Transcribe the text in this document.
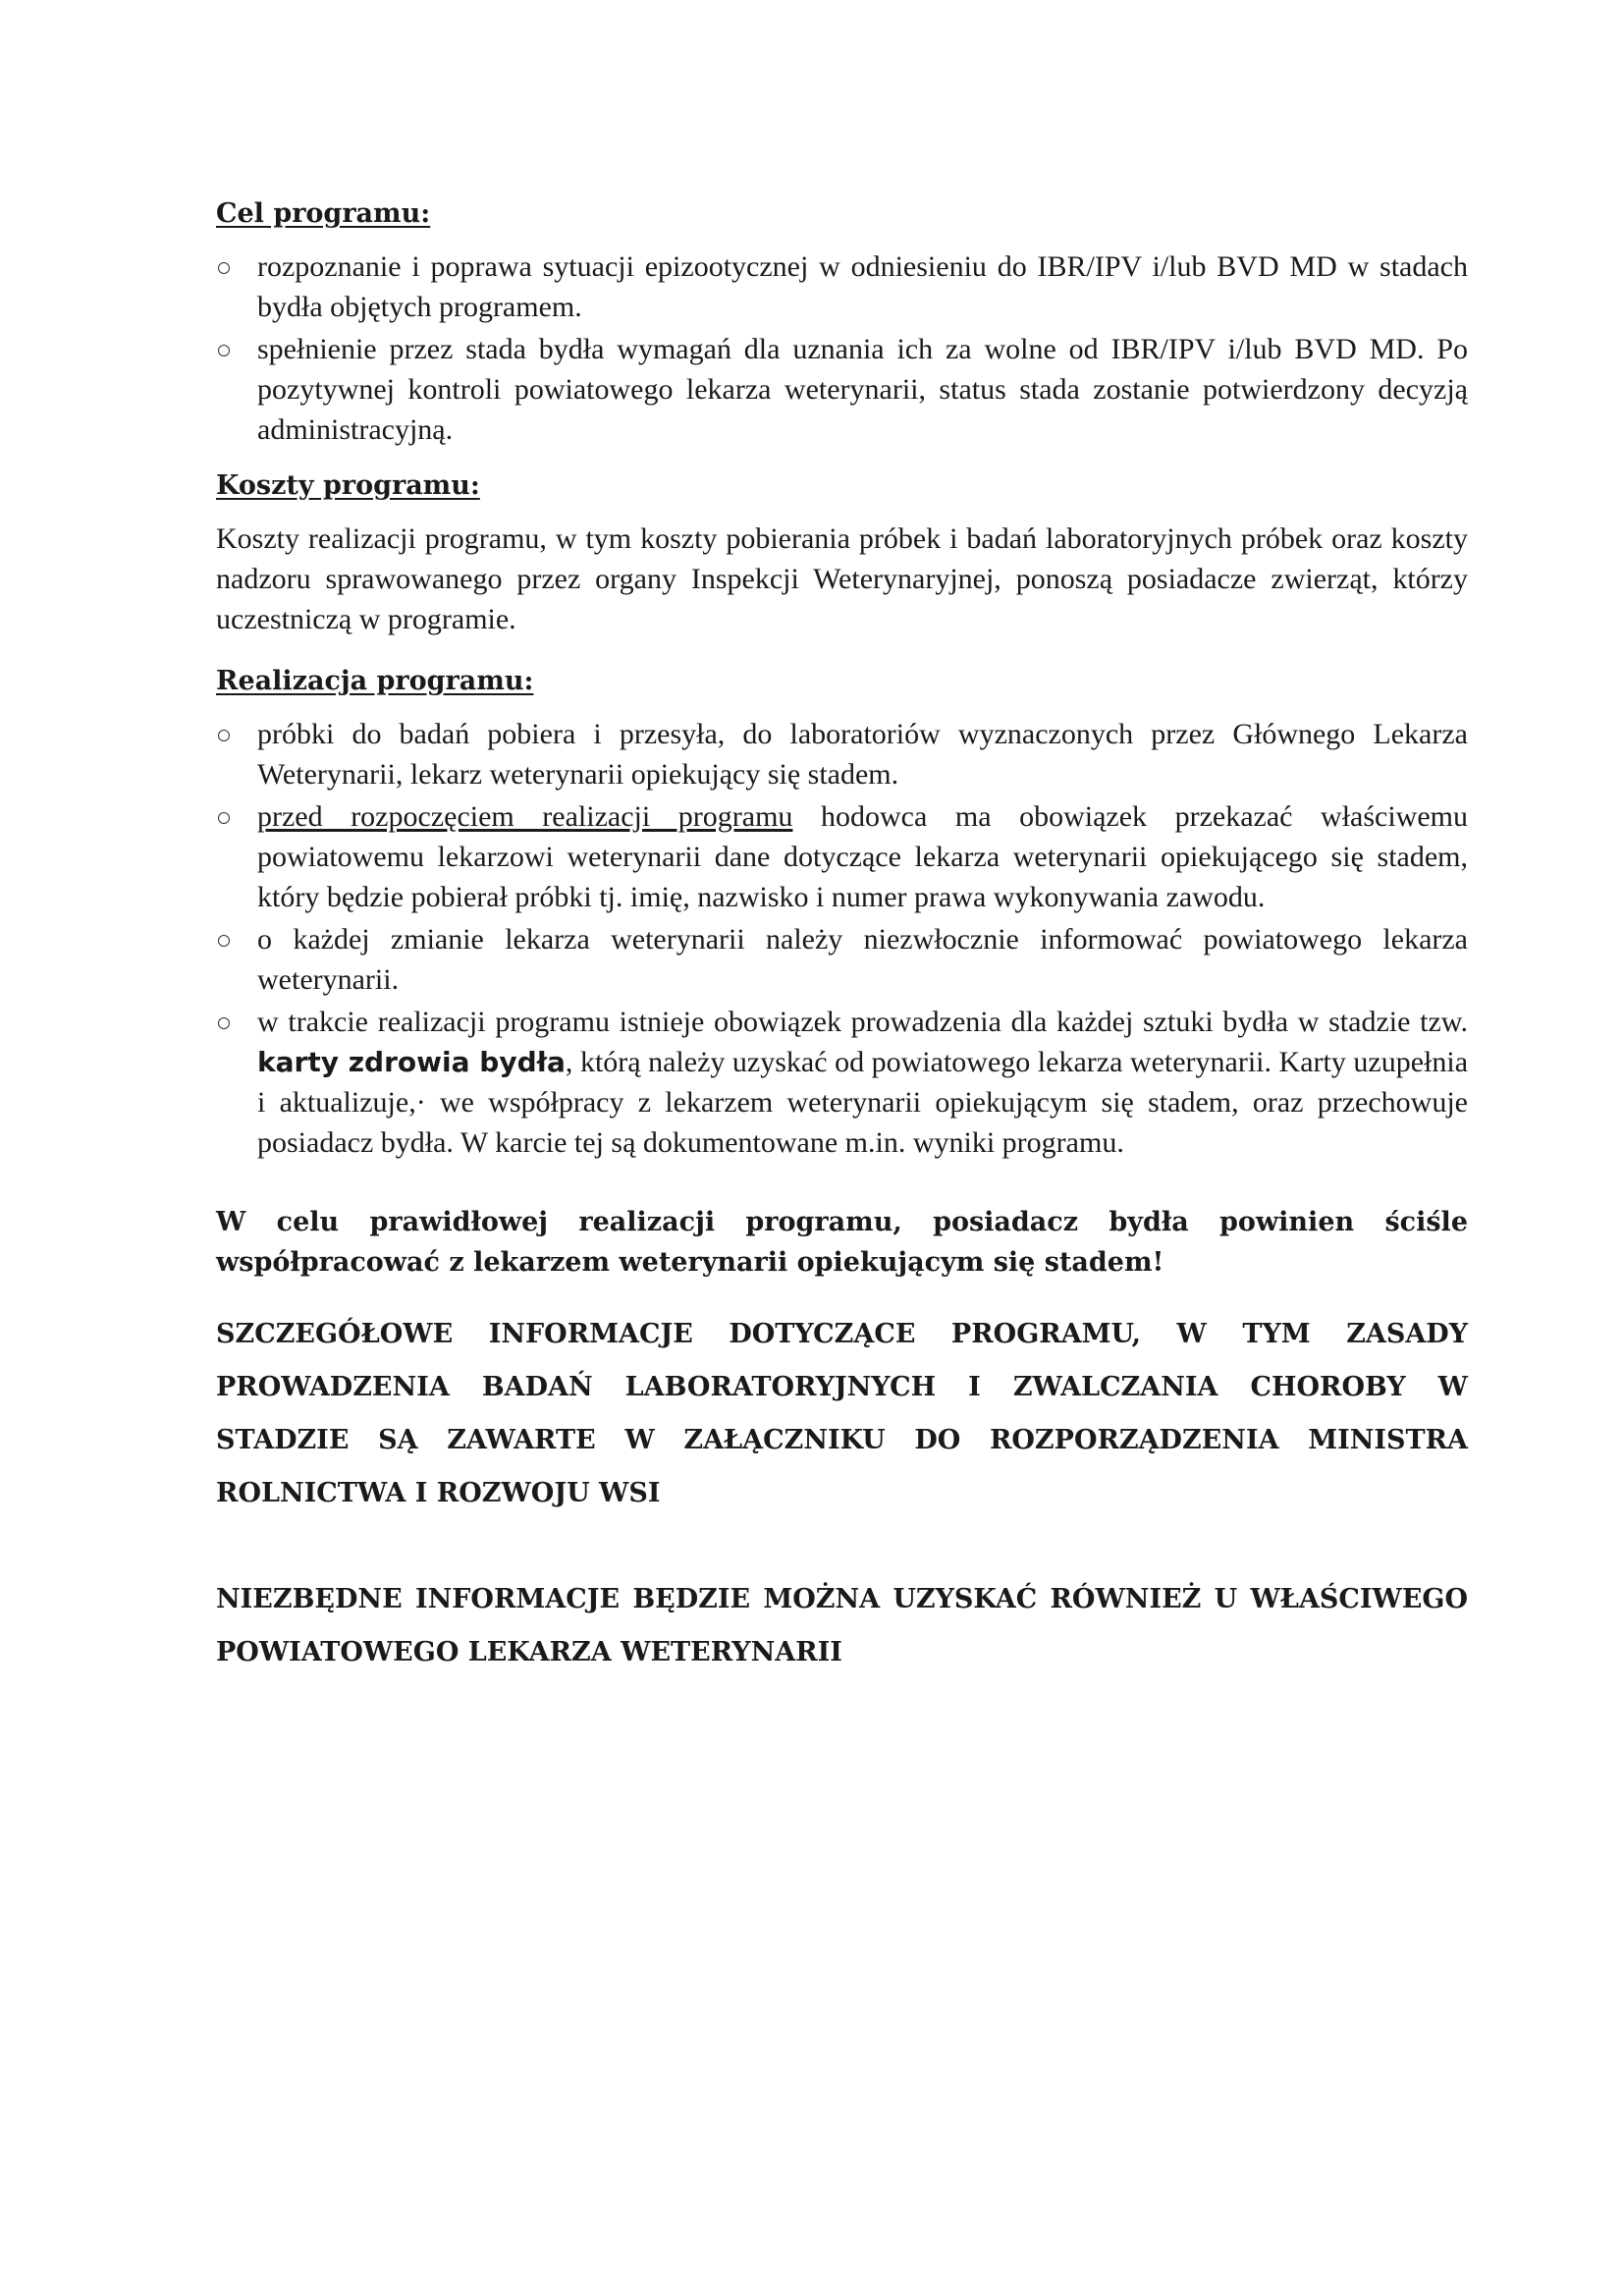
Cel programu:
rozpoznanie i poprawa sytuacji epizootycznej w odniesieniu do IBR/IPV i/lub BVD MD w stadach bydła objętych programem.
spełnienie przez stada bydła wymagań dla uznania ich za wolne od IBR/IPV i/lub BVD MD. Po pozytywnej kontroli powiatowego lekarza weterynarii, status stada zostanie potwierdzony decyzją administracyjną.
Koszty programu:

Koszty realizacji programu, w tym koszty pobierania próbek i badań laboratoryjnych próbek oraz koszty nadzoru sprawowanego przez organy Inspekcji Weterynaryjnej, ponoszą posiadacze zwierząt, którzy uczestniczą w programie.

Realizacja programu:
próbki do badań pobiera i przesyła, do laboratoriów wyznaczonych przez Głównego Lekarza Weterynarii, lekarz weterynarii opiekujący się stadem.
przed rozpoczęciem realizacji programu hodowca ma obowiązek przekazać właściwemu powiatowemu lekarzowi weterynarii dane dotyczące lekarza weterynarii opiekującego się stadem, który będzie pobierał próbki tj. imię, nazwisko i numer prawa wykonywania zawodu.
o każdej zmianie lekarza weterynarii należy niezwłocznie informować powiatowego lekarza weterynarii.
w trakcie realizacji programu istnieje obowiązek prowadzenia dla każdej sztuki bydła w stadzie tzw. karty zdrowia bydła, którą należy uzyskać od powiatowego lekarza weterynarii. Karty uzupełnia i aktualizuje,· we współpracy z lekarzem weterynarii opiekującym się stadem, oraz przechowuje posiadacz bydła. W karcie tej są dokumentowane m.in. wyniki programu.

W celu prawidłowej realizacji programu, posiadacz bydła powinien ściśle współpracować z lekarzem weterynarii opiekującym się stadem!

SZCZEGÓŁOWE INFORMACJE DOTYCZĄCE PROGRAMU, W TYM ZASADY PROWADZENIA BADAŃ LABORATORYJNYCH I ZWALCZANIA CHOROBY W STADZIE SĄ ZAWARTE W ZAŁĄCZNIKU DO ROZPORZĄDZENIA MINISTRA ROLNICTWA I ROZWOJU WSI

NIEZBĘDNE INFORMACJE BĘDZIE MOŻNA UZYSKAĆ RÓWNIEŻ U WŁAŚCIWEGO POWIATOWEGO LEKARZA WETERYNARII
